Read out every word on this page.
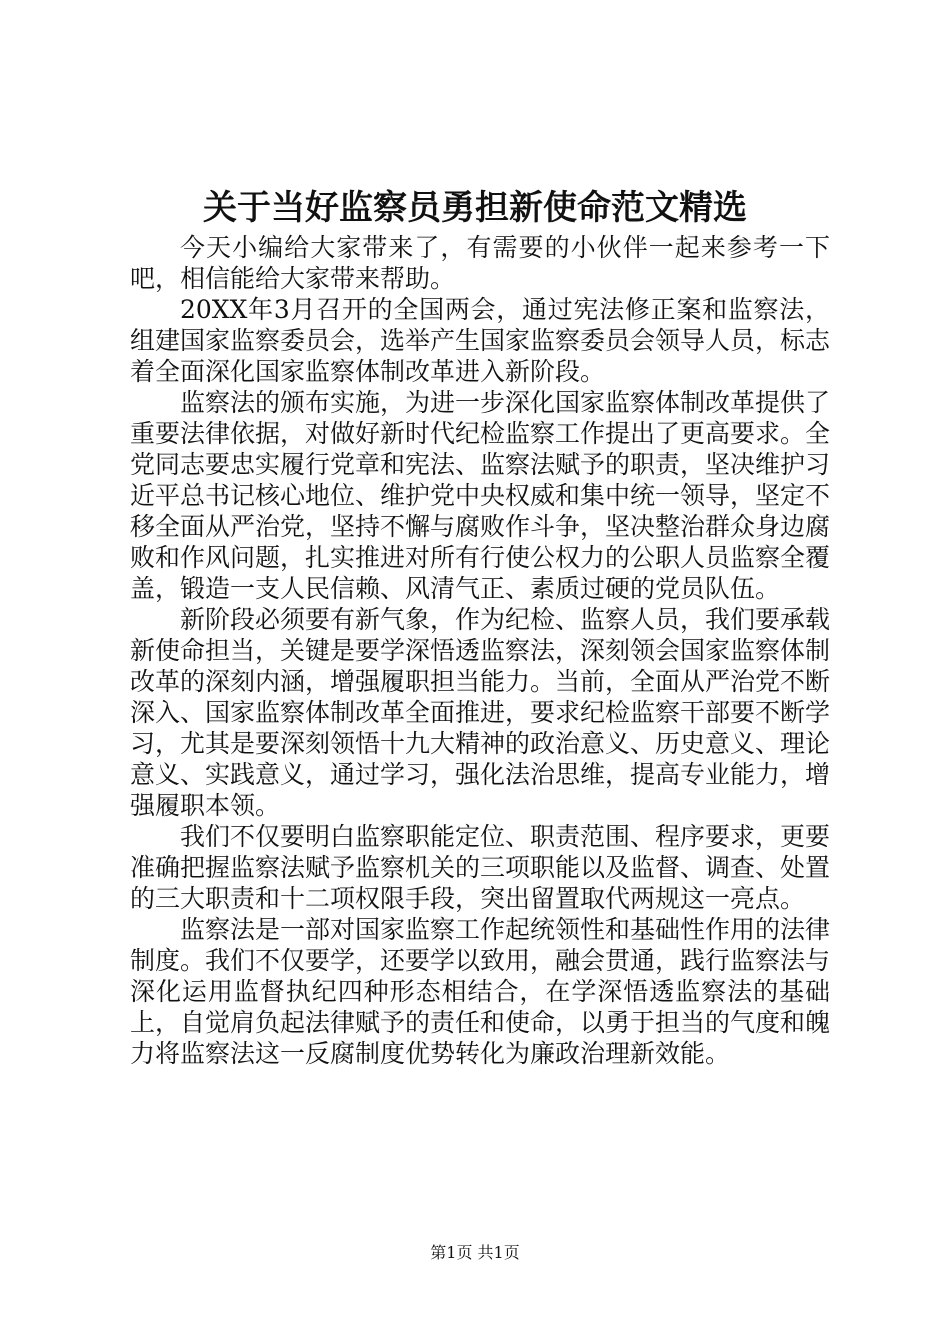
关于当好监察员勇担新使命范文精选

今天小编给大家带来了，有需要的小伙伴一起来参考一下吧，相信能给大家带来帮助。

20XX年3月召开的全国两会，通过宪法修正案和监察法，组建国家监察委员会，选举产生国家监察委员会领导人员，标志着全面深化国家监察体制改革进入新阶段。

监察法的颁布实施，为进一步深化国家监察体制改革提供了重要法律依据，对做好新时代纪检监察工作提出了更高要求。全党同志要忠实履行党章和宪法、监察法赋予的职责，坚决维护习近平总书记核心地位、维护党中央权威和集中统一领导，坚定不移全面从严治党，坚持不懈与腐败作斗争，坚决整治群众身边腐败和作风问题，扎实推进对所有行使公权力的公职人员监察全覆盖，锻造一支人民信赖、风清气正、素质过硬的党员队伍。

新阶段必须要有新气象，作为纪检、监察人员，我们要承载新使命担当，关键是要学深悟透监察法，深刻领会国家监察体制改革的深刻内涵，增强履职担当能力。当前，全面从严治党不断深入、国家监察体制改革全面推进，要求纪检监察干部要不断学习，尤其是要深刻领悟十九大精神的政治意义、历史意义、理论意义、实践意义，通过学习，强化法治思维，提高专业能力，增强履职本领。

我们不仅要明白监察职能定位、职责范围、程序要求，更要准确把握监察法赋予监察机关的三项职能以及监督、调查、处置的三大职责和十二项权限手段，突出留置取代两规这一亮点。

监察法是一部对国家监察工作起统领性和基础性作用的法律制度。我们不仅要学，还要学以致用，融会贯通，践行监察法与深化运用监督执纪四种形态相结合，在学深悟透监察法的基础上，自觉肩负起法律赋予的责任和使命，以勇于担当的气度和魄力将监察法这一反腐制度优势转化为廉政治理新效能。

第1页 共1页
